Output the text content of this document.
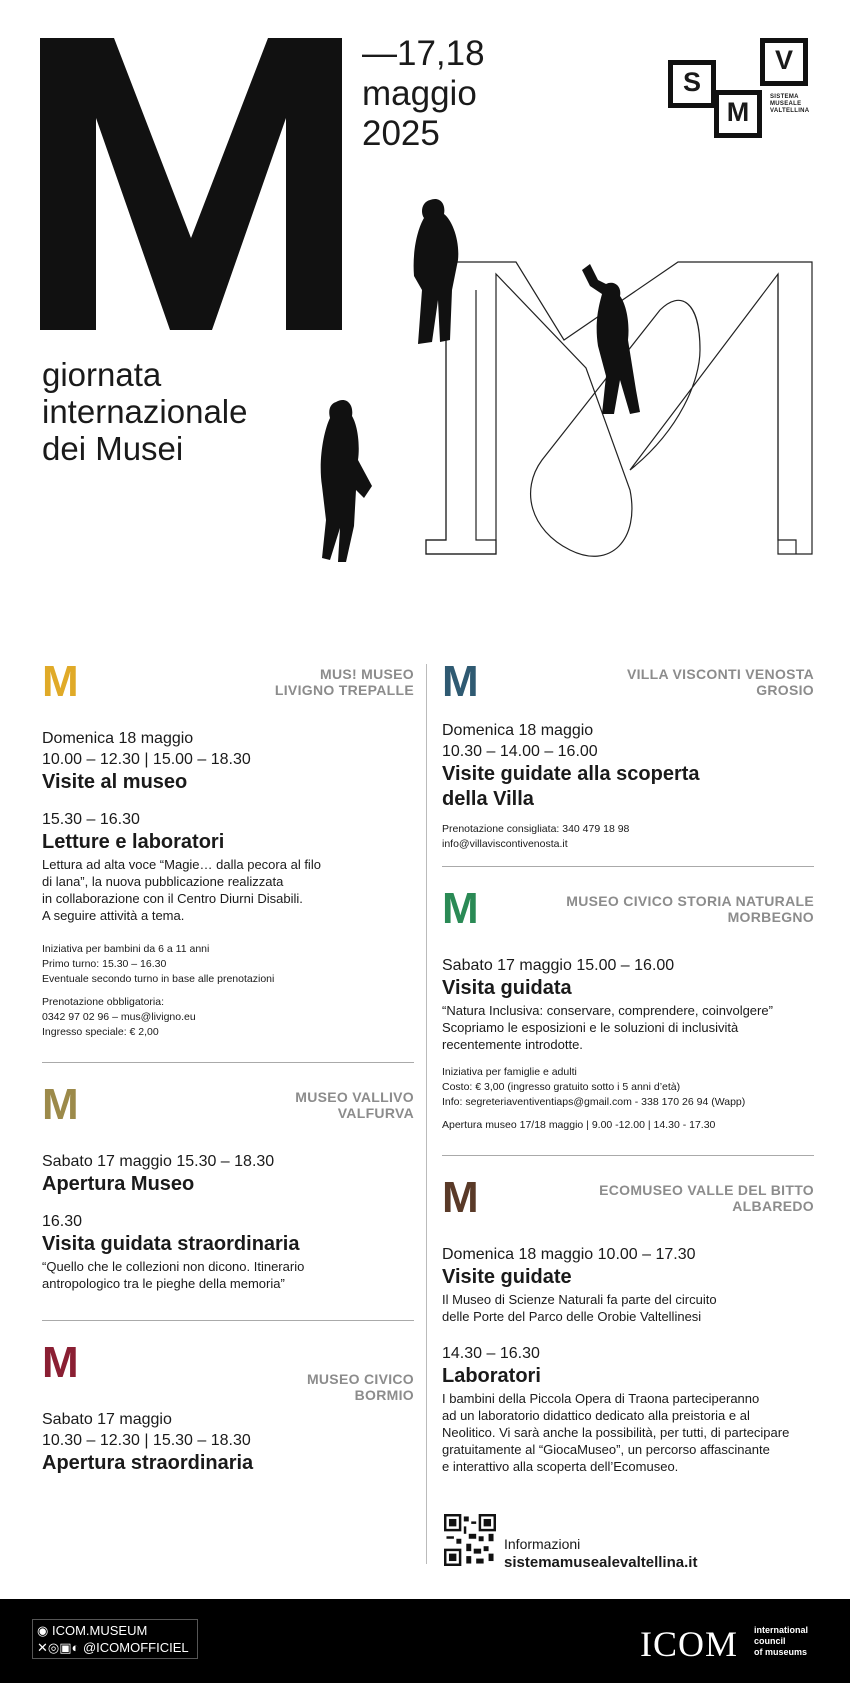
—17,18
maggio
2025
giornata
internazionale
dei Musei
S
M
V
SISTEMA
MUSEALE
VALTELLINA
M	MUS! MUSEO
LIVIGNO TREPALLE
Domenica 18 maggio
10.00 – 12.30 | 15.00 – 18.30
Visite al museo
15.30 – 16.30
Letture e laboratori
Lettura ad alta voce “Magie… dalla pecora al filo
di lana”, la nuova pubblicazione realizzata
in collaborazione con il Centro Diurni Disabili.
A seguire attività a tema.
Iniziativa per bambini da 6 a 11 anni
Primo turno: 15.30 – 16.30
Eventuale secondo turno in base alle prenotazioni
Prenotazione obbligatoria:
0342 97 02 96 – mus@livigno.eu
Ingresso speciale: € 2,00
M	MUSEO VALLIVO
VALFURVA
Sabato 17 maggio 15.30 – 18.30
Apertura Museo
16.30
Visita guidata straordinaria
“Quello che le collezioni non dicono. Itinerario
antropologico tra le pieghe della memoria”
M	MUSEO CIVICO
BORMIO
Sabato 17 maggio
10.30 – 12.30 | 15.30 – 18.30
Apertura straordinaria
M	VILLA VISCONTI VENOSTA
GROSIO
Domenica 18 maggio
10.30 – 14.00 – 16.00
Visite guidate alla scoperta
della Villa
Prenotazione consigliata: 340 479 18 98
info@villaviscontivenosta.it
M	MUSEO CIVICO STORIA NATURALE
MORBEGNO
Sabato 17 maggio 15.00 – 16.00
Visita guidata
“Natura Inclusiva: conservare, comprendere, coinvolgere”
Scopriamo le esposizioni e le soluzioni di inclusività
recentemente introdotte.
Iniziativa per famiglie e adulti
Costo: € 3,00 (ingresso gratuito sotto i 5 anni d’età)
Info: segreteriaventiventiaps@gmail.com - 338 170 26 94 (Wapp)
Apertura museo 17/18 maggio | 9.00 -12.00 | 14.30 - 17.30
M	ECOMUSEO VALLE DEL BITTO
ALBAREDO
Domenica 18 maggio 10.00 – 17.30
Visite guidate
Il Museo di Scienze Naturali fa parte del circuito
delle Porte del Parco delle Orobie Valtellinesi
14.30 – 16.30
Laboratori
I bambini della Piccola Opera di Traona parteciperanno
ad un laboratorio didattico dedicato alla preistoria e al
Neolitico. Vi sarà anche la possibilità, per tutti, di partecipare
gratuitamente al “GiocaMuseo”, un percorso affascinante
e interattivo alla scoperta dell’Ecomuseo.
Informazioni
sistemamusealevaltellina.it
◉ ICOM.MUSEUM
✕◎▣◐ @ICOMOFFICIEL	ICOM international
council
of museums
